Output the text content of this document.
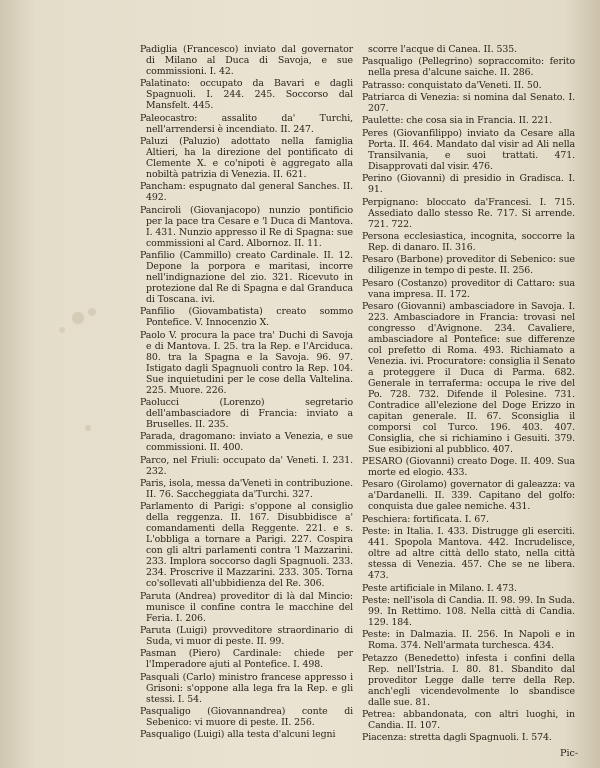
Padiglia (Francesco) inviato dal governator di Milano al Duca di Savoja, e sue commissioni. I. 42.
Palatinato: occupato da Bavari e dagli Spagnuoli. I. 244. 245. Soccorso dal Mansfelt. 445.
Paleocastro: assalito da' Turchi, nell'arrendersi è incendiato. II. 247.
Paluzi (Paluzio) adottato nella famiglia Altieri, ha la direzione del pontificato di Clemente X. e co'nipoti è aggregato alla nobiltà patrizia di Venezia. II. 621.
Pancham: espugnato dal general Sanches. II. 492.
Panciroli (Giovanjacopo) nunzio pontificio per la pace tra Cesare e 'l Duca di Mantova. I. 431. Nunzio appresso il Re di Spagna: sue commissioni al Card. Albornoz. II. 11.
Panfilio (Cammillo) creato Cardinale. II. 12. Depone la porpora e maritasi, incorre nell'indignazione del zio. 321. Ricevuto in protezione dal Re di Spagna e dal Granduca di Toscana. ivi.
Panfilio (Giovambatista) creato sommo Pontefice. V. Innocenzio X.
Paolo V. procura la pace tra' Duchi di Savoja e di Mantova. I. 25. tra la Rep. e l'Arciduca. 80. tra la Spagna e la Savoja. 96. 97. Istigato dagli Spagnuoli contro la Rep. 104. Sue inquietudini per le cose della Valtelina. 225. Muore. 226.
Paolucci (Lorenzo) segretario dell'ambasciadore di Francia: inviato a Bruselles. II. 235.
Parada, dragomano: inviato a Venezia, e sue commissioni. II. 400.
Parco, nel Friuli: occupato da' Veneti. I. 231. 232.
Paris, isola, messa da'Veneti in contribuzione. II. 76. Saccheggiata da'Turchi. 327.
Parlamento di Parigi: s'oppone al consiglio della reggenza. II. 167. Disubbidisce a' comandamenti della Reggente. 221. e s. L'obbliga a tornare a Parigi. 227. Cospira con gli altri parlamenti contra 'l Mazzarini. 233. Implora soccorso dagli Spagnuoli. 233. 234. Proscrive il Mazzarini. 233. 305. Torna co'sollevati all'ubbidienza del Re. 306.
Paruta (Andrea) proveditor di là dal Mincio: munisce il confine contra le macchine del Feria. I. 206.
Paruta (Luigi) provveditore straordinario di Suda, vi muor di peste. II. 99.
Pasman (Piero) Cardinale: chiede per l'Imperadore ajuti al Pontefice. I. 498.
Pasquali (Carlo) ministro francese appresso i Grisoni: s'oppone alla lega fra la Rep. e gli stessi. I. 54.
Pasqualigo (Giovannandrea) conte di Sebenico: vi muore di peste. II. 256.
Pasqualigo (Luigi) alla testa d'alcuni legni
scorre l'acque di Canea. II. 535.
Pasqualigo (Pellegrino) sopraccomito: ferito nella presa d'alcune saiche. II. 286.
Patrasso: conquistato da'Veneti. II. 50.
Patriarca di Venezia: si nomina dal Senato. I. 207.
Paulette: che cosa sia in Francia. II. 221.
Peres (Giovanfilippo) inviato da Cesare alla Porta. II. 464. Mandato dal visir ad Ali nella Transilvania, e suoi trattati. 471. Disapprovati dal visir. 476.
Perino (Giovanni) di presidio in Gradisca. I. 91.
Perpignano: bloccato da'Francesi. I. 715. Assediato dallo stesso Re. 717. Si arrende. 721. 722.
Persona ecclesiastica, incognita, soccorre la Rep. di danaro. II. 316.
Pesaro (Barbone) proveditor di Sebenico: sue diligenze in tempo di peste. II. 256.
Pesaro (Costanzo) proveditor di Cattaro: sua vana impresa. II. 172.
Pesaro (Giovanni) ambasciadore in Savoja. I. 223. Ambasciadore in Francia: trovasi nel congresso d'Avignone. 234. Cavaliere, ambasciadore al Pontefice: sue differenze col prefetto di Roma. 493. Richiamato a Venezia. ivi. Procuratore: consiglia il Senato a proteggere il Duca di Parma. 682. Generale in terraferma: occupa le rive del Po. 728. 732. Difende il Polesine. 731. Contradice all'elezione del Doge Erizzo in capitan generale. II. 67. Sconsiglia il comporsi col Turco. 196. 403. 407. Consiglia, che si richiamino i Gesuiti. 379. Sue esibizioni al pubblico. 407.
PESARO (Giovanni) creato Doge. II. 409. Sua morte ed elogio. 433.
Pesaro (Girolamo) governator di galeazza: va a'Dardanelli. II. 339. Capitano del golfo: conquista due galee nemiche. 431.
Peschiera: fortificata. I. 67.
Peste: in Italia. I. 433. Distrugge gli eserciti. 441. Spopola Mantova. 442. Incrudelisce, oltre ad altre città dello stato, nella città stessa di Venezia. 457. Che se ne libera. 473.
Peste artificiale in Milano. I. 473.
Peste: nell'isola di Candia. II. 98. 99. In Suda. 99. In Rettimo. 108. Nella città di Candia. 129. 184.
Peste: in Dalmazia. II. 256. In Napoli e in Roma. 374. Nell'armata turchesca. 434.
Petazzo (Benedetto) infesta i confini della Rep. nell'Istria. I. 80. 81. Sbandito dal proveditor Legge dalle terre della Rep. anch'egli vicendevolmente lo sbandisce dalle sue. 81.
Petrea: abbandonata, con altri luoghi, in Candia. II. 107.
Piacenza: stretta dagli Spagnuoli. I. 574.
Pic-
